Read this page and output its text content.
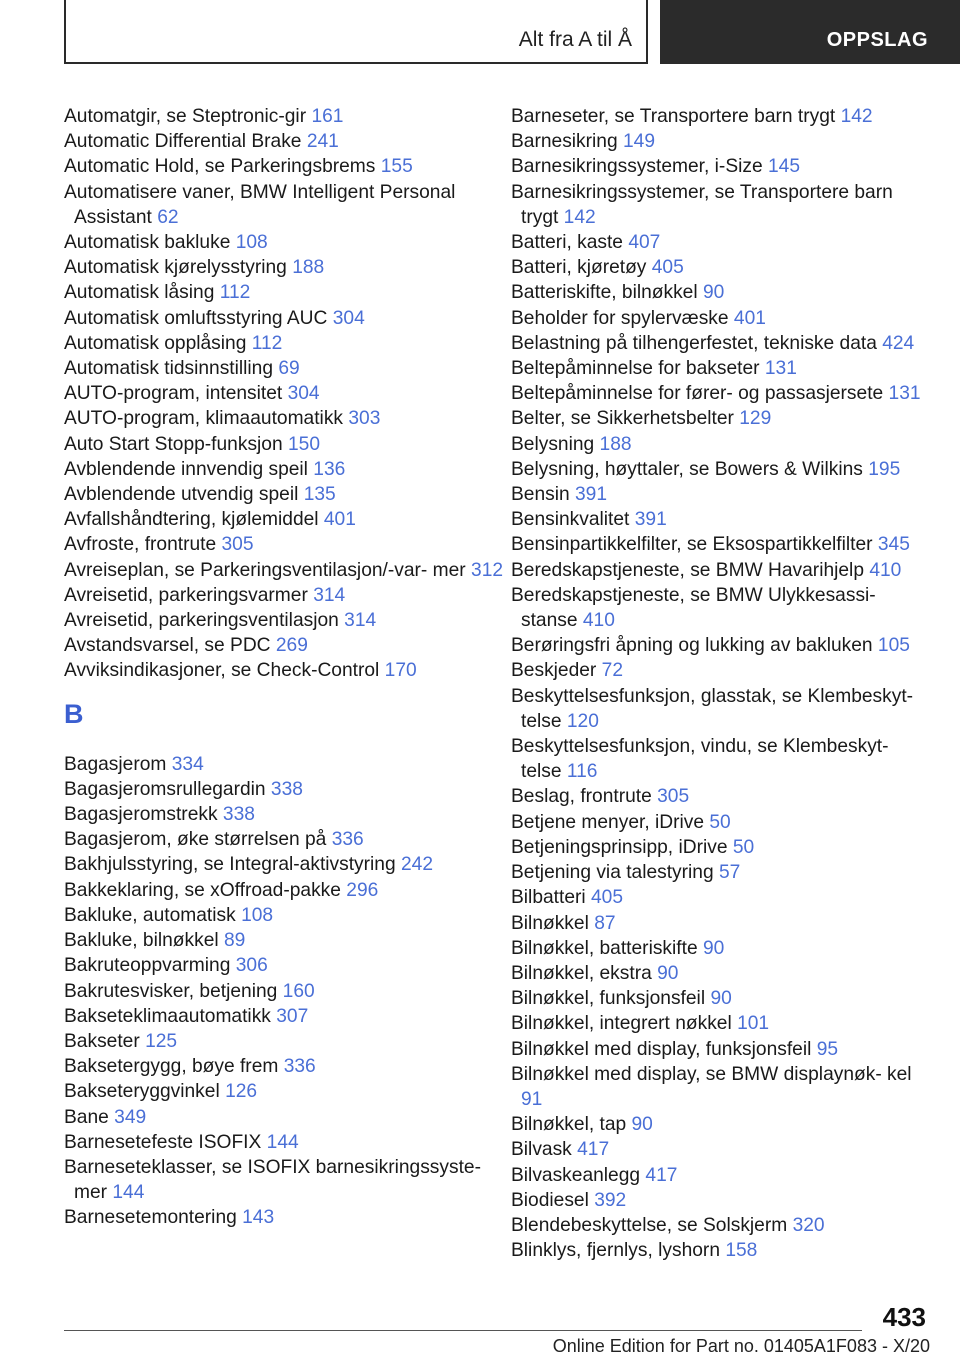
Alt fra A til Å	OPPSLAG

Automatgir, se Steptronic-gir 161

Automatic Differential Brake 241

Automatic Hold, se Parkeringsbrems 155

Automatisere vaner, BMW Intelligent Personal Assistant 62

Automatisk bakluke 108

Automatisk kjørelysstyring 188

Automatisk låsing 112

Automatisk omluftsstyring AUC 304

Automatisk opplåsing 112

Automatisk tidsinnstilling 69

AUTO-program, intensitet 304

AUTO-program, klimaautomatikk 303

Auto Start Stopp-funksjon 150

Avblendende innvendig speil 136

Avblendende utvendig speil 135

Avfallshåndtering, kjølemiddel 401

Avfroste, frontrute 305

Avreiseplan, se Parkeringsventilasjon/-var‐ mer 312

Avreisetid, parkeringsvarmer 314

Avreisetid, parkeringsventilasjon 314

Avstandsvarsel, se PDC 269

Avviksindikasjoner, se Check-Control 170

B

Bagasjerom 334

Bagasjeromsrullegardin 338

Bagasjeromstrekk 338

Bagasjerom, øke størrelsen på 336

Bakhjulsstyring, se Integral-aktivstyring 242

Bakkeklaring, se xOffroad-pakke 296

Bakluke, automatisk 108

Bakluke, bilnøkkel 89

Bakruteoppvarming 306

Bakrutesvisker, betjening 160

Bakseteklimaautomatikk 307

Bakseter 125

Baksetergygg, bøye frem 336

Bakseteryggvinkel 126

Bane 349

Barnesetefeste ISOFIX 144

Barneseteklasser, se ISOFIX barnesikringssyste‐ mer 144

Barnesetemontering 143

Barneseter, se Transportere barn trygt 142

Barnesikring 149

Barnesikringssystemer, i-Size 145

Barnesikringssystemer, se Transportere barn trygt 142

Batteri, kaste 407

Batteri, kjøretøy 405

Batteriskifte, bilnøkkel 90

Beholder for spylervæske 401

Belastning på tilhengerfestet, tekniske data 424

Beltepåminnelse for bakseter 131

Beltepåminnelse for fører- og passasjersete 131

Belter, se Sikkerhetsbelter 129

Belysning 188

Belysning, høyttaler, se Bowers & Wilkins 195

Bensin 391

Bensinkvalitet 391

Bensinpartikkelfilter, se Eksospartikkelfilter 345

Beredskapstjeneste, se BMW Havarihjelp 410

Beredskapstjeneste, se BMW Ulykkesassi‐ stanse 410

Berøringsfri åpning og lukking av bakluken 105

Beskjeder 72

Beskyttelsesfunksjon, glasstak, se Klembeskyt‐ telse 120

Beskyttelsesfunksjon, vindu, se Klembeskyt‐ telse 116

Beslag, frontrute 305

Betjene menyer, iDrive 50

Betjeningsprinsipp, iDrive 50

Betjening via talestyring 57

Bilbatteri 405

Bilnøkkel 87

Bilnøkkel, batteriskifte 90

Bilnøkkel, ekstra 90

Bilnøkkel, funksjonsfeil 90

Bilnøkkel, integrert nøkkel 101

Bilnøkkel med display, funksjonsfeil 95

Bilnøkkel med display, se BMW displaynøk‐ kel 91

Bilnøkkel, tap 90

Bilvask 417

Bilvaskeanlegg 417

Biodiesel 392

Blendebeskyttelse, se Solskjerm 320

Blinklys, fjernlys, lyshorn 158

433
Online Edition for Part no. 01405A1F083 - X/20
